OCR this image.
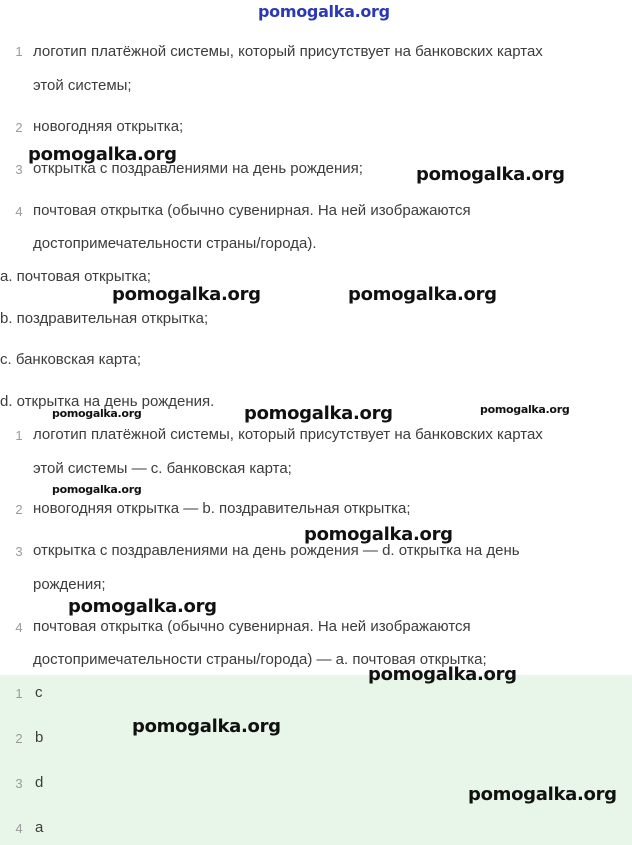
pomogalka.org
1 логотип платёжной системы, который присутствует на банковских картах
этой системы;
2 новогодняя открытка;
3 открытка с поздравлениями на день рождения;
4 почтовая открытка (обычно сувенирная. На ней изображаются
достопримечательности страны/города).
a. почтовая открытка;
b. поздравительная открытка;
c. банковская карта;
d. открытка на день рождения.
1 логотип платёжной системы, который присутствует на банковских картах
этой системы — c. банковская карта;
2 новогодняя открытка — b. поздравительная открытка;
3 открытка с поздравлениями на день рождения — d. открытка на день
рождения;
4 почтовая открытка (обычно сувенирная. На ней изображаются
достопримечательности страны/города) — a. почтовая открытка;
1 c
2 b
3 d
4 a
pomogalka.org
pomogalka.org
pomogalka.org	pomogalka.org
pomogalka.org	pomogalka.org	pomogalka.org
pomogalka.org
pomogalka.org
pomogalka.org
pomogalka.org
pomogalka.org
pomogalka.org
